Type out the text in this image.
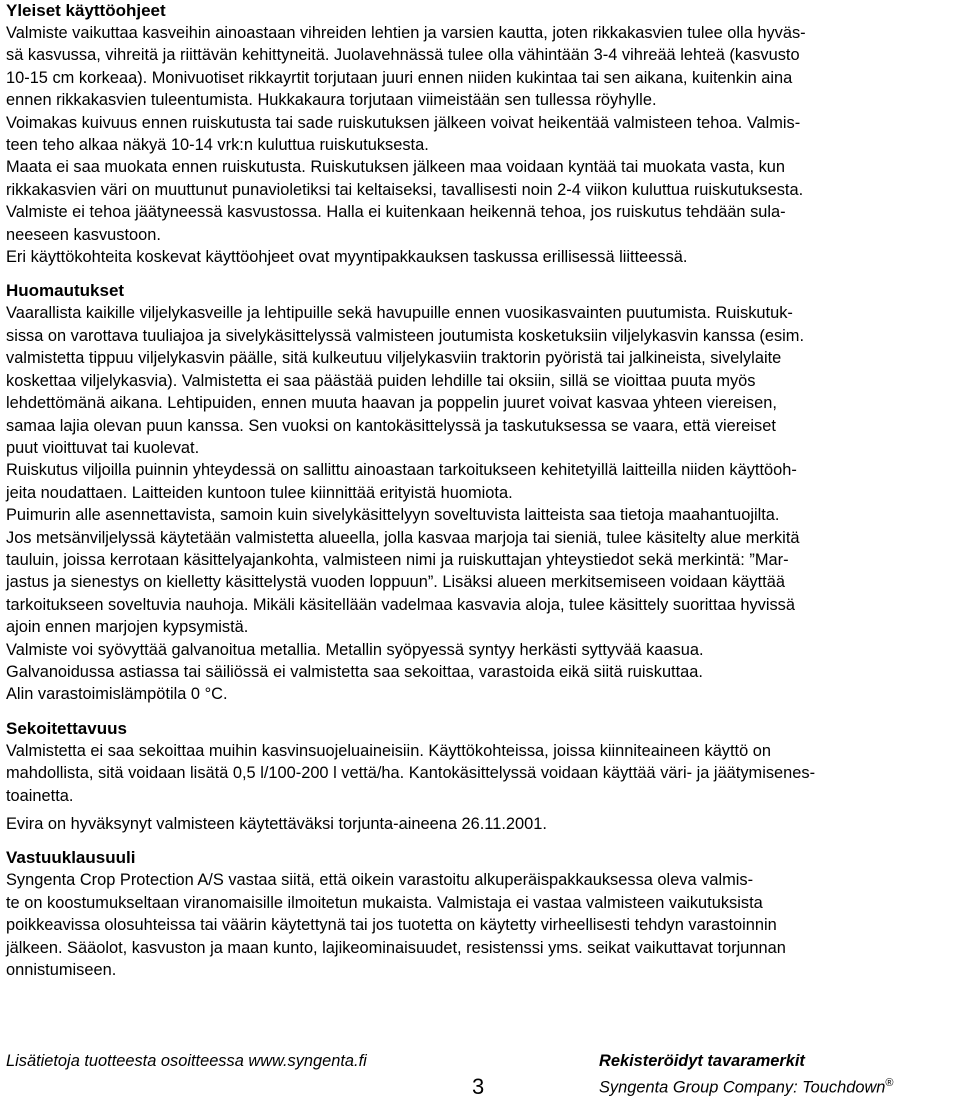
Yleiset käyttöohjeet

Valmiste vaikuttaa kasveihin ainoastaan vihreiden lehtien ja varsien kautta, joten rikkakasvien tulee olla hyväs-

sä kasvussa, vihreitä ja riittävän kehittyneitä. Juolavehnässä tulee olla vähintään 3-4 vihreää lehteä (kasvusto

10-15 cm korkeaa). Monivuotiset rikkayrtit torjutaan juuri ennen niiden kukintaa tai sen aikana, kuitenkin aina

ennen rikkakasvien tuleentumista. Hukkakaura torjutaan viimeistään sen tullessa röyhylle.

Voimakas kuivuus ennen ruiskutusta tai sade ruiskutuksen jälkeen voivat heikentää valmisteen tehoa. Valmis-

teen teho alkaa näkyä 10-14 vrk:n kuluttua ruiskutuksesta.

Maata ei saa muokata ennen ruiskutusta. Ruiskutuksen jälkeen maa voidaan kyntää tai muokata vasta, kun

rikkakasvien väri on muuttunut punavioletiksi tai keltaiseksi, tavallisesti noin 2-4 viikon kuluttua ruiskutuksesta.

Valmiste ei tehoa jäätyneessä kasvustossa. Halla ei kuitenkaan heikennä tehoa, jos ruiskutus tehdään sula-

neeseen kasvustoon.

Eri käyttökohteita koskevat käyttöohjeet ovat myyntipakkauksen taskussa erillisessä liitteessä.

Huomautukset

Vaarallista kaikille viljelykasveille ja lehtipuille sekä havupuille ennen vuosikasvainten puutumista. Ruiskutuk-

sissa on varottava tuuliajoa ja sivelykäsittelyssä valmisteen joutumista kosketuksiin viljelykasvin kanssa (esim.

valmistetta tippuu viljelykasvin päälle, sitä kulkeutuu viljelykasviin traktorin pyöristä tai jalkineista, sivelylaite

koskettaa viljelykasvia). Valmistetta ei saa päästää puiden lehdille tai oksiin, sillä se vioittaa puuta myös

lehdettömänä aikana. Lehtipuiden, ennen muuta haavan ja poppelin juuret voivat kasvaa yhteen viereisen,

samaa lajia olevan puun kanssa. Sen vuoksi on kantokäsittelyssä ja taskutuksessa se vaara, että viereiset

puut vioittuvat tai kuolevat.

Ruiskutus viljoilla puinnin yhteydessä on sallittu ainoastaan tarkoitukseen kehitetyillä laitteilla niiden käyttöoh-

jeita noudattaen. Laitteiden kuntoon tulee kiinnittää erityistä huomiota.

Puimurin alle asennettavista, samoin kuin sivelykäsittelyyn soveltuvista laitteista saa tietoja maahantuojilta.

Jos metsänviljelyssä käytetään valmistetta alueella, jolla kasvaa marjoja tai sieniä, tulee käsitelty alue merkitä

tauluin, joissa kerrotaan käsittelyajankohta, valmisteen nimi ja ruiskuttajan yhteystiedot sekä merkintä: ”Mar-

jastus ja sienestys on kielletty käsittelystä vuoden loppuun”. Lisäksi alueen merkitsemiseen voidaan käyttää

tarkoitukseen soveltuvia nauhoja. Mikäli käsitellään vadelmaa kasvavia aloja, tulee käsittely suorittaa hyvissä

ajoin ennen marjojen kypsymistä.

Valmiste voi syövyttää galvanoitua metallia. Metallin syöpyessä syntyy herkästi syttyvää kaasua.

Galvanoidussa astiassa tai säiliössä ei valmistetta saa sekoittaa, varastoida eikä siitä ruiskuttaa.

Alin varastoimislämpötila 0 °C.

Sekoitettavuus

Valmistetta ei saa sekoittaa muihin kasvinsuojeluaineisiin. Käyttökohteissa, joissa kiinniteaineen käyttö on

mahdollista, sitä voidaan lisätä 0,5 l/100-200 l vettä/ha. Kantokäsittelyssä voidaan käyttää väri- ja jäätymisenes-

toainetta.

Evira on hyväksynyt valmisteen käytettäväksi torjunta-aineena 26.11.2001.

Vastuuklausuuli

Syngenta Crop Protection A/S vastaa siitä, että oikein varastoitu alkuperäispakkauksessa oleva valmis-

te on koostumukseltaan viranomaisille ilmoitetun mukaista. Valmistaja ei vastaa valmisteen vaikutuksista

poikkeavissa olosuhteissa tai väärin käytettynä tai jos tuotetta on käytetty virheellisesti tehdyn varastoinnin

jälkeen. Sääolot, kasvuston ja maan kunto, lajikeominaisuudet, resistenssi yms. seikat vaikuttavat torjunnan

onnistumiseen.

Lisätietoja tuotteesta osoitteessa www.syngenta.fi
3
Rekisteröidyt tavaramerkit
Syngenta Group Company: Touchdown®
